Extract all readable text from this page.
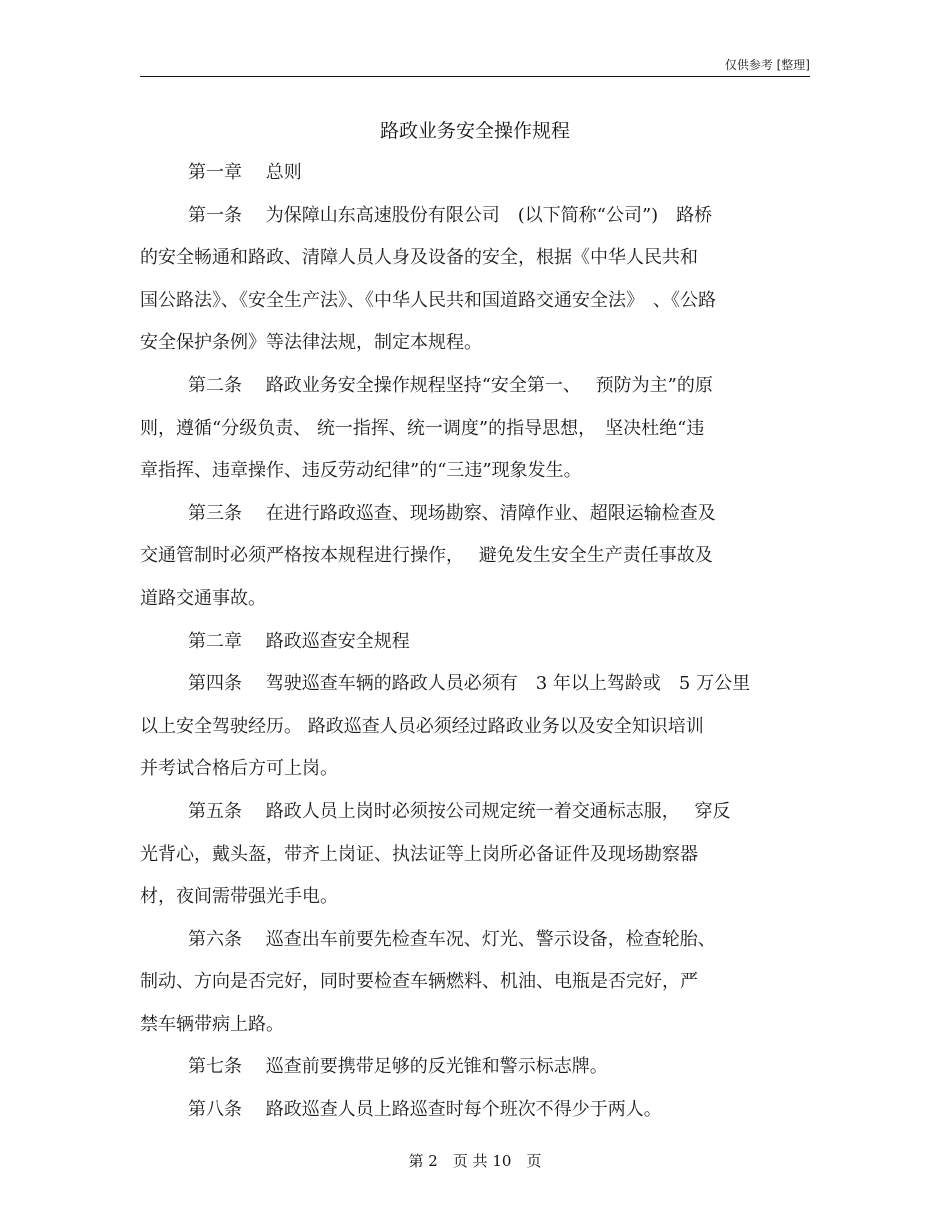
仅供参考 [整理]
路政业务安全操作规程
第一章　 总则
第一条　 为保障山东高速股份有限公司　(以下简称“公司”)　路桥
的安全畅通和路政、清障人员人身及设备的安全，根据《中华人民共和
国公路法》、《安全生产法》、《中华人民共和国道路交通安全法》　、《公路
安全保护条例》等法律法规，制定本规程。
第二条　 路政业务安全操作规程坚持“安全第一、　 预防为主”的原
则，遵循“分级负责、 统一指挥、统一调度”的指导思想，　坚决杜绝“违
章指挥、违章操作、违反劳动纪律”的“三违”现象发生。
第三条　 在进行路政巡查、现场勘察、清障作业、超限运输检查及
交通管制时必须严格按本规程进行操作，　 避免发生安全生产责任事故及
道路交通事故。
第二章　 路政巡查安全规程
第四条　 驾驶巡查车辆的路政人员必须有　3 年以上驾龄或　5 万公里
以上安全驾驶经历。 路政巡查人员必须经过路政业务以及安全知识培训
并考试合格后方可上岗。
第五条　 路政人员上岗时必须按公司规定统一着交通标志服，　 穿反
光背心，戴头盔，带齐上岗证、执法证等上岗所必备证件及现场勘察器
材，夜间需带强光手电。
第六条　 巡查出车前要先检查车况、灯光、警示设备，检查轮胎、
制动、方向是否完好，同时要检查车辆燃料、机油、电瓶是否完好，严
禁车辆带病上路。
第七条　 巡查前要携带足够的反光锥和警示标志牌。
第八条　 路政巡查人员上路巡查时每个班次不得少于两人。
第 2　页 共 10　页
